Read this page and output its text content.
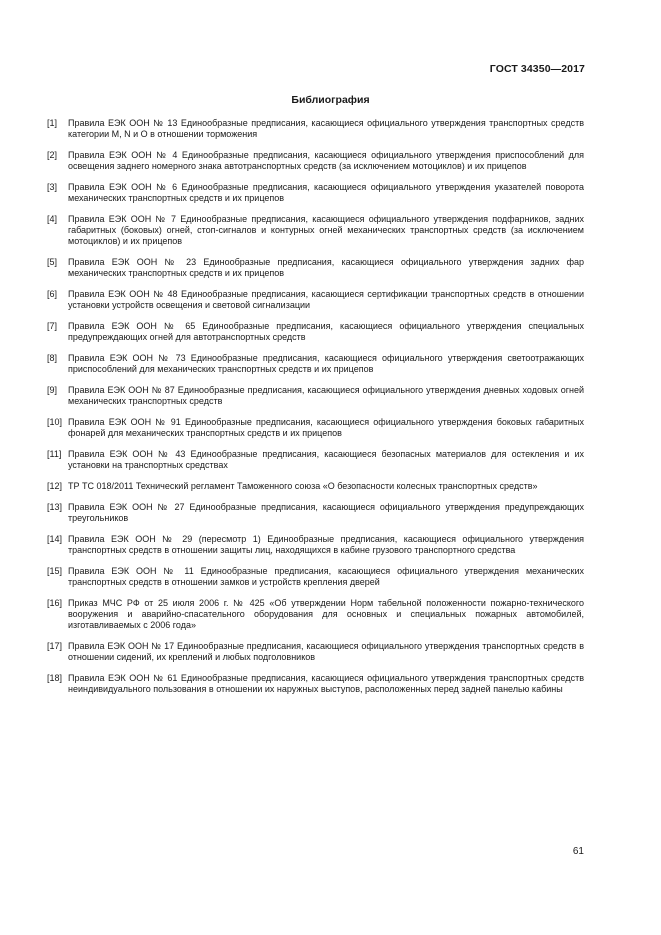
ГОСТ 34350—2017
Библиография
[1]	Правила ЕЭК ООН № 13 Единообразные предписания, касающиеся официального утверждения транспортных средств категории M, N и O в отношении торможения
[2]	Правила ЕЭК ООН № 4 Единообразные предписания, касающиеся официального утверждения приспособлений для освещения заднего номерного знака автотранспортных средств (за исключением мотоциклов) и их прицепов
[3]	Правила ЕЭК ООН № 6 Единообразные предписания, касающиеся официального утверждения указателей поворота механических транспортных средств и их прицепов
[4]	Правила ЕЭК ООН № 7 Единообразные предписания, касающиеся официального утверждения подфарников, задних габаритных (боковых) огней, стоп-сигналов и контурных огней механических транспортных средств (за исключением мотоциклов) и их прицепов
[5]	Правила ЕЭК ООН № 23 Единообразные предписания, касающиеся официального утверждения задних фар механических транспортных средств и их прицепов
[6]	Правила ЕЭК ООН № 48 Единообразные предписания, касающиеся сертификации транспортных средств в отношении установки устройств освещения и световой сигнализации
[7]	Правила ЕЭК ООН № 65 Единообразные предписания, касающиеся официального утверждения специальных предупреждающих огней для автотранспортных средств
[8]	Правила ЕЭК ООН № 73 Единообразные предписания, касающиеся официального утверждения светоотражающих приспособлений для механических транспортных средств и их прицепов
[9]	Правила ЕЭК ООН № 87 Единообразные предписания, касающиеся официального утверждения дневных ходовых огней механических транспортных средств
[10] Правила ЕЭК ООН № 91 Единообразные предписания, касающиеся официального утверждения боковых габаритных фонарей для механических транспортных средств и их прицепов
[11] Правила ЕЭК ООН № 43 Единообразные предписания, касающиеся безопасных материалов для остекления и их установки на транспортных средствах
[12] ТР ТС 018/2011 Технический регламент Таможенного союза «О безопасности колесных транспортных средств»
[13] Правила ЕЭК ООН № 27 Единообразные предписания, касающиеся официального утверждения предупреждающих треугольников
[14] Правила ЕЭК ООН № 29 (пересмотр 1) Единообразные предписания, касающиеся официального утверждения транспортных средств в отношении защиты лиц, находящихся в кабине грузового транспортного средства
[15] Правила ЕЭК ООН № 11 Единообразные предписания, касающиеся официального утверждения механических транспортных средств в отношении замков и устройств крепления дверей
[16] Приказ МЧС РФ от 25 июля 2006 г. № 425 «Об утверждении Норм табельной положенности пожарно-технического вооружения и аварийно-спасательного оборудования для основных и специальных пожарных автомобилей, изготавливаемых с 2006 года»
[17] Правила ЕЭК ООН № 17 Единообразные предписания, касающиеся официального утверждения транспортных средств в отношении сидений, их креплений и любых подголовников
[18] Правила ЕЭК ООН № 61 Единообразные предписания, касающиеся официального утверждения транспортных средств неиндивидуального пользования в отношении их наружных выступов, расположенных перед задней панелью кабины
61
